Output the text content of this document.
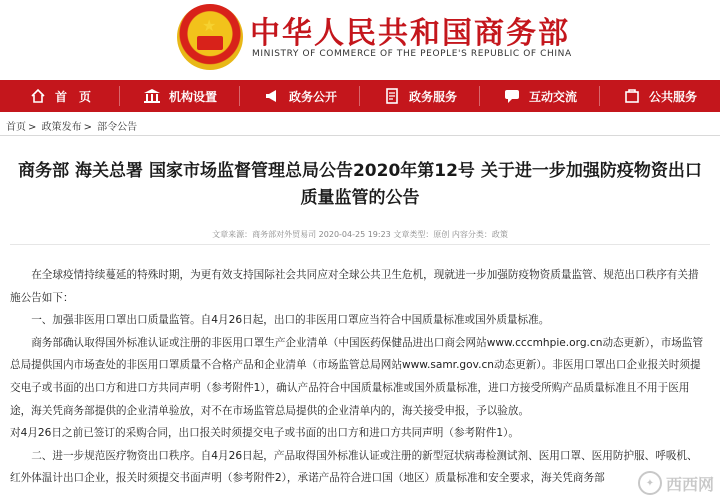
★ 中华人民共和国商务部
MINISTRY OF COMMERCE OF THE PEOPLE'S REPUBLIC OF CHINA
首　页	机构设置	政务公开	政务服务	互动交流	公共服务
首页 > 政策发布 > 部令公告
商务部 海关总署 国家市场监督管理总局公告2020年第12号 关于进一步加强防疫物资出口质量监管的公告
文章来源：商务部对外贸易司 2020-04-25 19:23 文章类型：原创 内容分类：政策

在全球疫情持续蔓延的特殊时期，为更有效支持国际社会共同应对全球公共卫生危机，现就进一步加强防疫物资质量监管、规范出口秩序有关措施公告如下：

一、加强非医用口罩出口质量监管。自4月26日起，出口的非医用口罩应当符合中国质量标准或国外质量标准。

商务部确认取得国外标准认证或注册的非医用口罩生产企业清单（中国医药保健品进出口商会网站www.cccmhpie.org.cn动态更新），市场监管总局提供国内市场查处的非医用口罩质量不合格产品和企业清单（市场监管总局网站www.samr.gov.cn动态更新）。非医用口罩出口企业报关时须提交电子或书面的出口方和进口方共同声明（参考附件1），确认产品符合中国质量标准或国外质量标准，进口方接受所购产品质量标准且不用于医用途，海关凭商务部提供的企业清单验放，对不在市场监管总局提供的企业清单内的，海关接受申报，予以验放。

对4月26日之前已签订的采购合同，出口报关时须提交电子或书面的出口方和进口方共同声明（参考附件1）。

二、进一步规范医疗物资出口秩序。自4月26日起，产品取得国外标准认证或注册的新型冠状病毒检测试剂、医用口罩、医用防护服、呼吸机、红外体温计出口企业，报关时须提交书面声明（参考附件2），承诺产品符合进口国（地区）质量标准和安全要求，海关凭商务部	✦ 西西网
